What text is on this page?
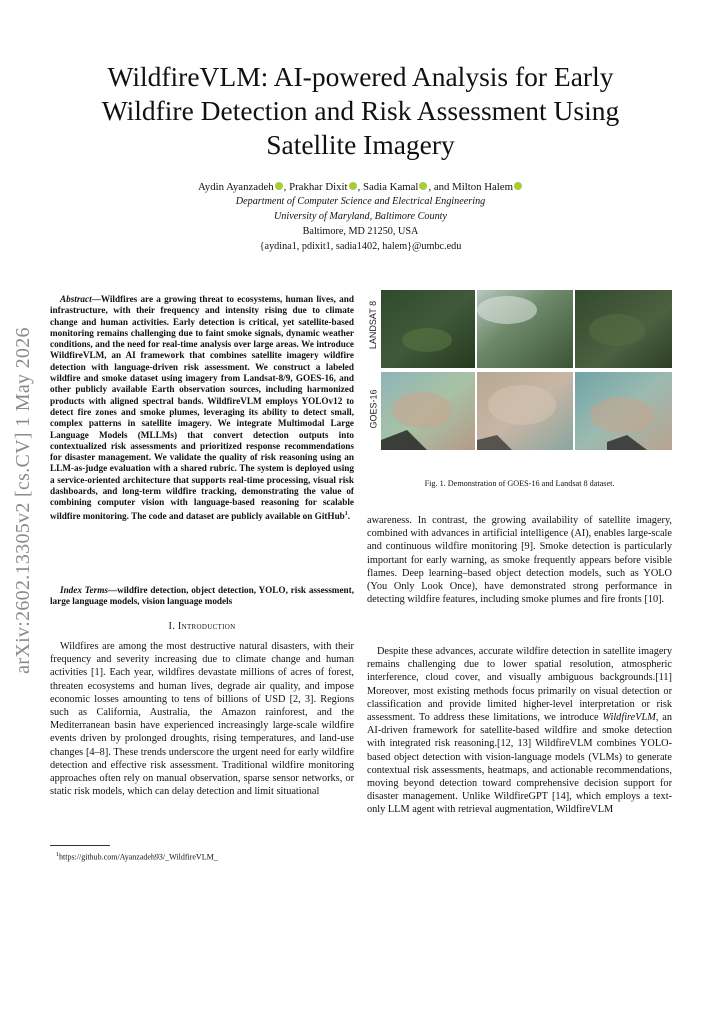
arXiv:2602.13305v2 [cs.CV] 1 May 2026
WildfireVLM: AI-powered Analysis for Early Wildfire Detection and Risk Assessment Using Satellite Imagery
Aydin Ayanzadeh , Prakhar Dixit , Sadia Kamal , and Milton Halem
Department of Computer Science and Electrical Engineering
University of Maryland, Baltimore County
Baltimore, MD 21250, USA
{aydina1, pdixit1, sadia1402, halem}@umbc.edu

Abstract—Wildfires are a growing threat to ecosystems, human lives, and infrastructure, with their frequency and intensity rising due to climate change and human activities. Early detection is critical, yet satellite-based monitoring remains challenging due to faint smoke signals, dynamic weather conditions, and the need for real-time analysis over large areas. We introduce WildfireVLM, an AI framework that combines satellite imagery wildfire detection with language-driven risk assessment. We construct a labeled wildfire and smoke dataset using imagery from Landsat-8/9, GOES-16, and other publicly available Earth observation sources, including harmonized products with aligned spectral bands. WildfireVLM employs YOLOv12 to detect fire zones and smoke plumes, leveraging its ability to detect small, complex patterns in satellite imagery. We integrate Multimodal Large Language Models (MLLMs) that convert detection outputs into contextualized risk assessments and prioritized response recommendations for disaster management. We validate the quality of risk reasoning using an LLM-as-judge evaluation with a shared rubric. The system is deployed using a service-oriented architecture that supports real-time processing, visual risk dashboards, and long-term wildfire tracking, demonstrating the value of combining computer vision with language-based reasoning for scalable wildfire monitoring. The code and dataset are publicly available on GitHub$^1$.

Index Terms—wildfire detection, object detection, YOLO, risk assessment, large language models, vision language models

I. Introduction

Wildfires are among the most destructive natural disasters, with their frequency and severity increasing due to climate change and human activities [1]. Each year, wildfires devastate millions of acres of forest, threaten ecosystems and human lives, degrade air quality, and impose economic losses amounting to tens of billions of USD [2, 3]. Regions such as California, Australia, the Amazon rainforest, and the Mediterranean basin have experienced increasingly large-scale wildfire events driven by prolonged droughts, rising temperatures, and land-use changes [4–8]. These trends underscore the urgent need for early wildfire detection and effective risk assessment. Traditional wildfire monitoring approaches often rely on manual observation, sparse sensor networks, or static risk models, which can delay detection and limit situational

$^1$https://github.com/Ayanzadeh93/_WildfireVLM_
LANDSAT 8
GOES-16
Fig. 1. Demonstration of GOES-16 and Landsat 8 dataset.

awareness. In contrast, the growing availability of satellite imagery, combined with advances in artificial intelligence (AI), enables large-scale and continuous wildfire monitoring [9]. Smoke detection is particularly important for early warning, as smoke frequently appears before visible flames. Deep learning–based object detection models, such as YOLO (You Only Look Once), have demonstrated strong performance in detecting wildfire features, including smoke plumes and fire fronts [10].

Despite these advances, accurate wildfire detection in satellite imagery remains challenging due to lower spatial resolution, atmospheric interference, cloud cover, and visually ambiguous backgrounds.[11] Moreover, most existing methods focus primarily on visual detection or classification and provide limited higher-level interpretation or risk assessment. To address these limitations, we introduce WildfireVLM, an AI-driven framework for satellite-based wildfire and smoke detection with integrated risk reasoning.[12, 13] WildfireVLM combines YOLO-based object detection with vision-language models (VLMs) to generate contextual risk assessments, heatmaps, and actionable recommendations, moving beyond detection toward comprehensive decision support for disaster management. Unlike WildfireGPT [14], which employs a text-only LLM agent with retrieval augmentation, WildfireVLM
